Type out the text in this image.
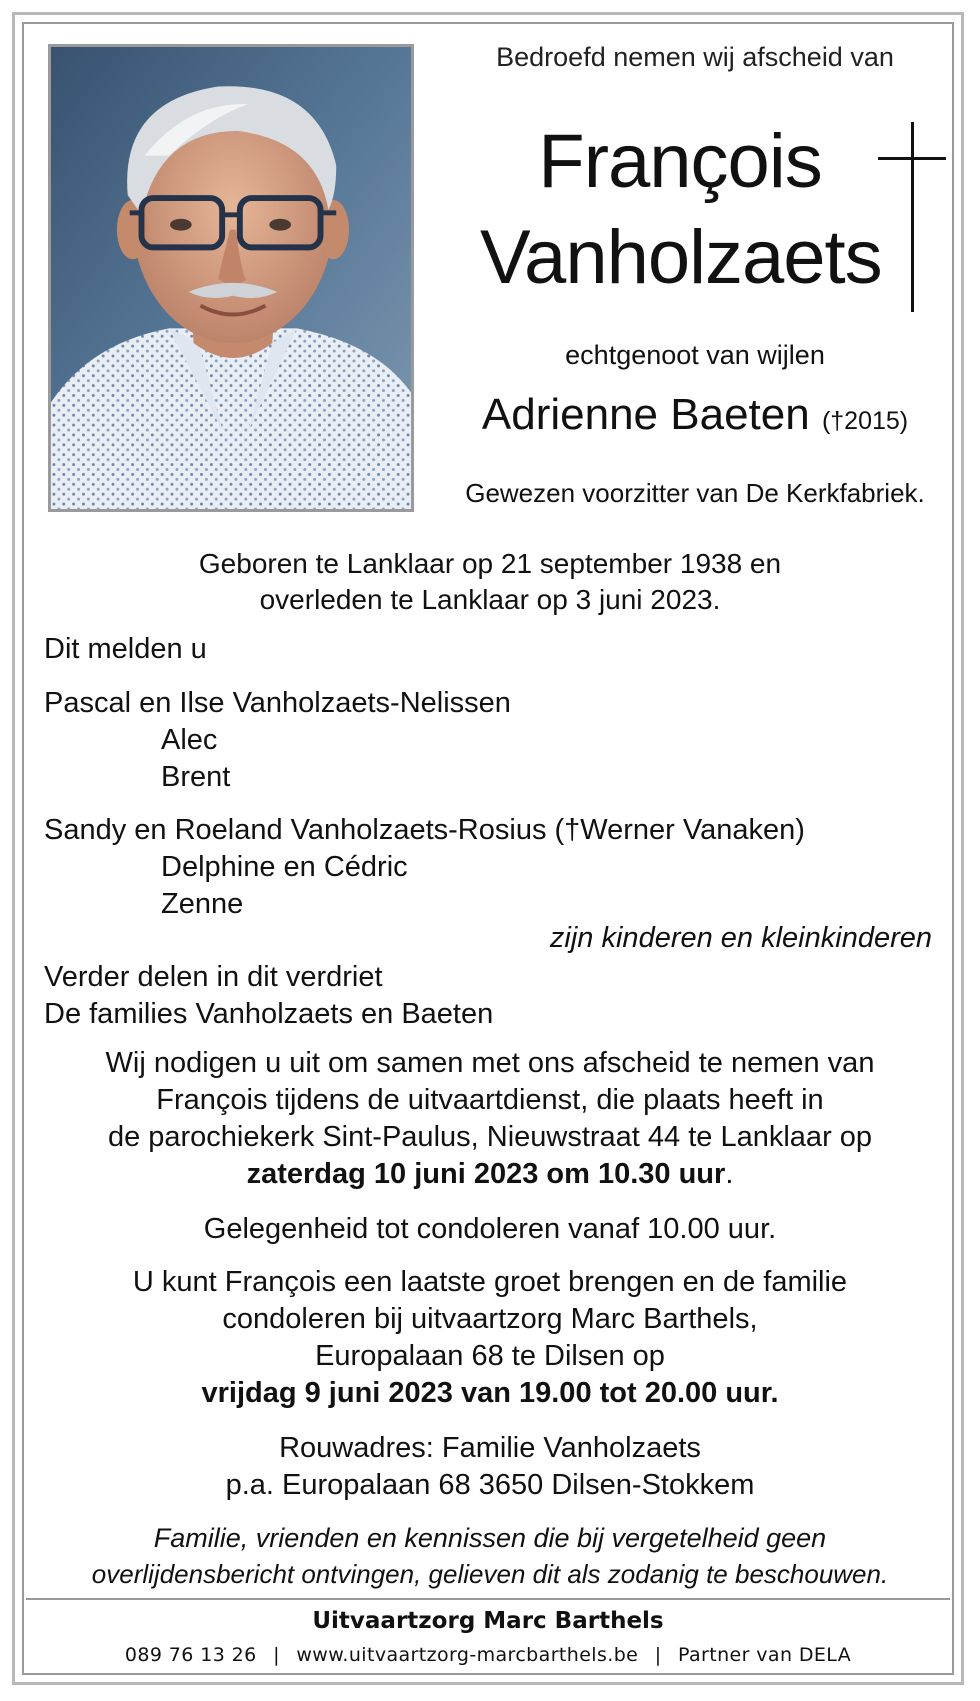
Bedroefd nemen wij afscheid van
François
Vanholzaets
echtgenoot van wijlen
Adrienne Baeten (†2015)
Gewezen voorzitter van De Kerkfabriek.
Geboren te Lanklaar op 21 september 1938 en
overleden te Lanklaar op 3 juni 2023.
Dit melden u
Pascal en Ilse Vanholzaets-Nelissen
Alec
Brent
Sandy en Roeland Vanholzaets-Rosius (†Werner Vanaken)
Delphine en Cédric
Zenne
zijn kinderen en kleinkinderen
Verder delen in dit verdriet
De families Vanholzaets en Baeten
Wij nodigen u uit om samen met ons afscheid te nemen van
François tijdens de uitvaartdienst, die plaats heeft in
de parochiekerk Sint-Paulus, Nieuwstraat 44 te Lanklaar op
zaterdag 10 juni 2023 om 10.30 uur.
Gelegenheid tot condoleren vanaf 10.00 uur.
U kunt François een laatste groet brengen en de familie
condoleren bij uitvaartzorg Marc Barthels,
Europalaan 68 te Dilsen op
vrijdag 9 juni 2023 van 19.00 tot 20.00 uur.
Rouwadres: Familie Vanholzaets
p.a. Europalaan 68 3650 Dilsen-Stokkem
Familie, vrienden en kennissen die bij vergetelheid geen
overlijdensbericht ontvingen, gelieven dit als zodanig te beschouwen.
Uitvaartzorg Marc Barthels
089 76 13 26 | www.uitvaartzorg-marcbarthels.be | Partner van DELA
